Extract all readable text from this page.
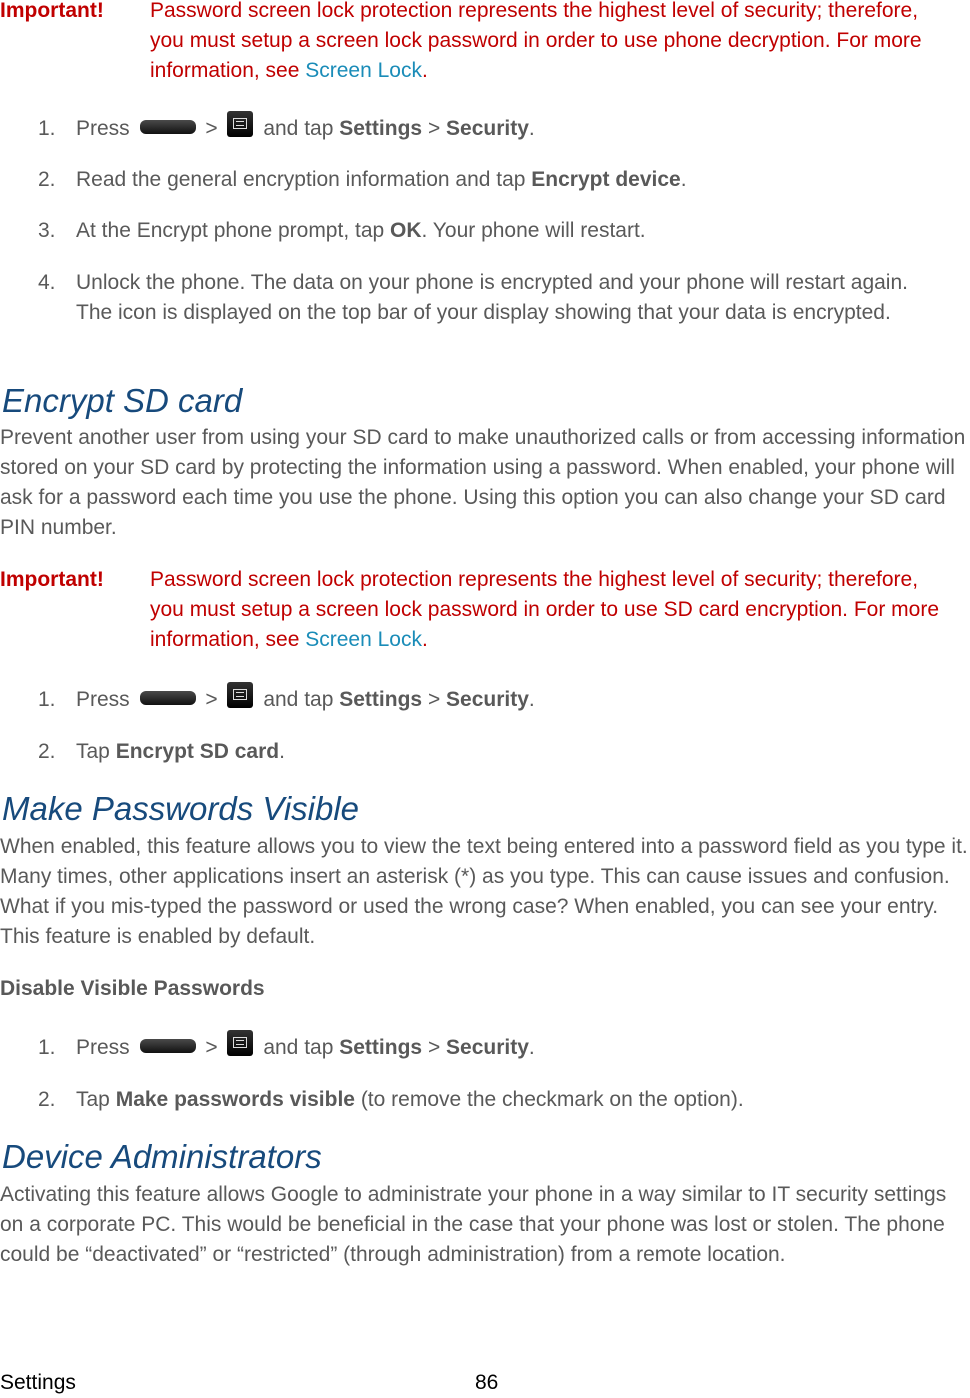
Important! Password screen lock protection represents the highest level of security; therefore, you must setup a screen lock password in order to use phone decryption. For more information, see Screen Lock.
1. Press	> and tap Settings > Security.
2. Read the general encryption information and tap Encrypt device.
3. At the Encrypt phone prompt, tap OK. Your phone will restart.
4. Unlock the phone. The data on your phone is encrypted and your phone will restart again. The icon is displayed on the top bar of your display showing that your data is encrypted.
Encrypt SD card
Prevent another user from using your SD card to make unauthorized calls or from accessing information stored on your SD card by protecting the information using a password. When enabled, your phone will ask for a password each time you use the phone. Using this option you can also change your SD card PIN number.
Important! Password screen lock protection represents the highest level of security; therefore, you must setup a screen lock password in order to use SD card encryption. For more information, see Screen Lock.
1. Press	> and tap Settings > Security.
2. Tap Encrypt SD card.
Make Passwords Visible
When enabled, this feature allows you to view the text being entered into a password field as you type it. Many times, other applications insert an asterisk (*) as you type. This can cause issues and confusion. What if you mis-typed the password or used the wrong case? When enabled, you can see your entry. This feature is enabled by default.
Disable Visible Passwords
1. Press	> and tap Settings > Security.
2. Tap Make passwords visible (to remove the checkmark on the option).
Device Administrators
Activating this feature allows Google to administrate your phone in a way similar to IT security settings on a corporate PC. This would be beneficial in the case that your phone was lost or stolen. The phone could be “deactivated” or “restricted” (through administration) from a remote location.
Settings	86
